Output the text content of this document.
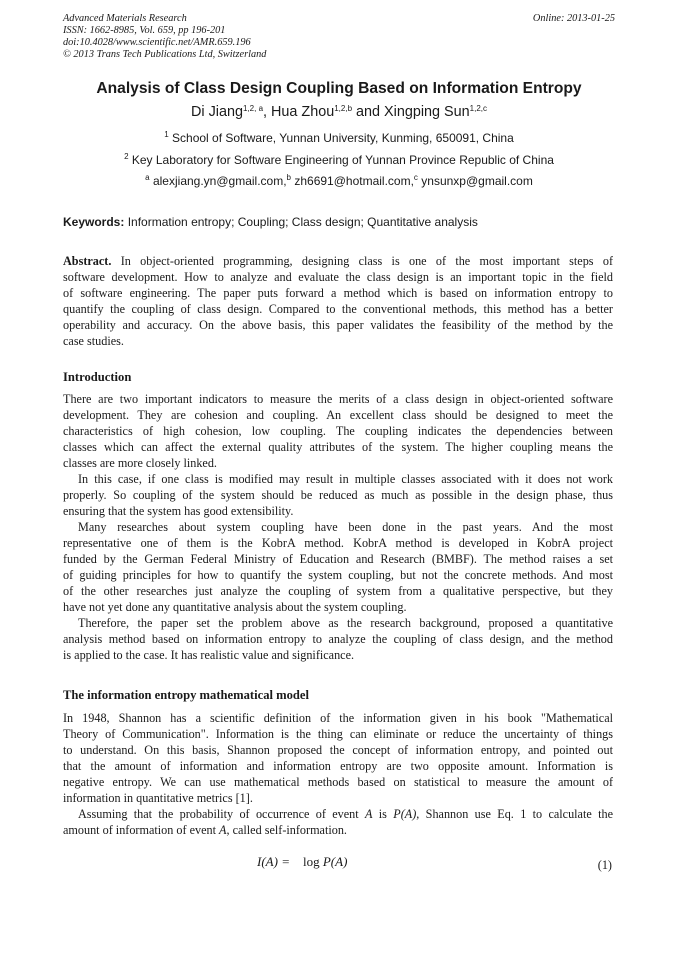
Advanced Materials Research
ISSN: 1662-8985, Vol. 659, pp 196-201
doi:10.4028/www.scientific.net/AMR.659.196
© 2013 Trans Tech Publications Ltd, Switzerland
Online: 2013-01-25
Analysis of Class Design Coupling Based on Information Entropy
Di Jiang$^{1,2, a}$, Hua Zhou$^{1,2,b}$ and Xingping Sun$^{1,2,c}$
$^1$ School of Software, Yunnan University, Kunming, 650091, China
$^2$ Key Laboratory for Software Engineering of Yunnan Province Republic of China
$^a$ alexjiang.yn@gmail.com,$^b$ zh6691@hotmail.com,$^c$ ynsunxp@gmail.com
Keywords: Information entropy; Coupling; Class design; Quantitative analysis
Abstract. In object-oriented programming, designing class is one of the most important steps of
software development. How to analyze and evaluate the class design is an important topic in the field
of software engineering. The paper puts forward a method which is based on information entropy to
quantify the coupling of class design. Compared to the conventional methods, this method has a better
operability and accuracy. On the above basis, this paper validates the feasibility of the method by the
case studies.
Introduction
There are two important indicators to measure the merits of a class design in object-oriented software
development. They are cohesion and coupling. An excellent class should be designed to meet the
characteristics of high cohesion, low coupling. The coupling indicates the dependencies between
classes which can affect the external quality attributes of the system. The higher coupling means the
classes are more closely linked.
In this case, if one class is modified may result in multiple classes associated with it does not work
properly. So coupling of the system should be reduced as much as possible in the design phase, thus
ensuring that the system has good extensibility.
Many researches about system coupling have been done in the past years. And the most
representative one of them is the KobrA method. KobrA method is developed in KobrA project
funded by the German Federal Ministry of Education and Research (BMBF). The method raises a set
of guiding principles for how to quantify the system coupling, but not the concrete methods. And most
of the other researches just analyze the coupling of system from a qualitative perspective, but they
have not yet done any quantitative analysis about the system coupling.
Therefore, the paper set the problem above as the research background, proposed a quantitative
analysis method based on information entropy to analyze the coupling of class design, and the method
is applied to the case. It has realistic value and significance.
The information entropy mathematical model
In 1948, Shannon has a scientific definition of the information given in his book "Mathematical
Theory of Communication". Information is the thing can eliminate or reduce the uncertainty of things
to understand. On this basis, Shannon proposed the concept of information entropy, and pointed out
that the amount of information and information entropy are two opposite amount. Information is
negative entropy. We can use mathematical methods based on statistical to measure the amount of
information in quantitative metrics [1].
Assuming that the probability of occurrence of event A is P(A), Shannon use Eq. 1 to calculate the
amount of information of event A, called self-information.
I(A) = log P(A)	(1)
